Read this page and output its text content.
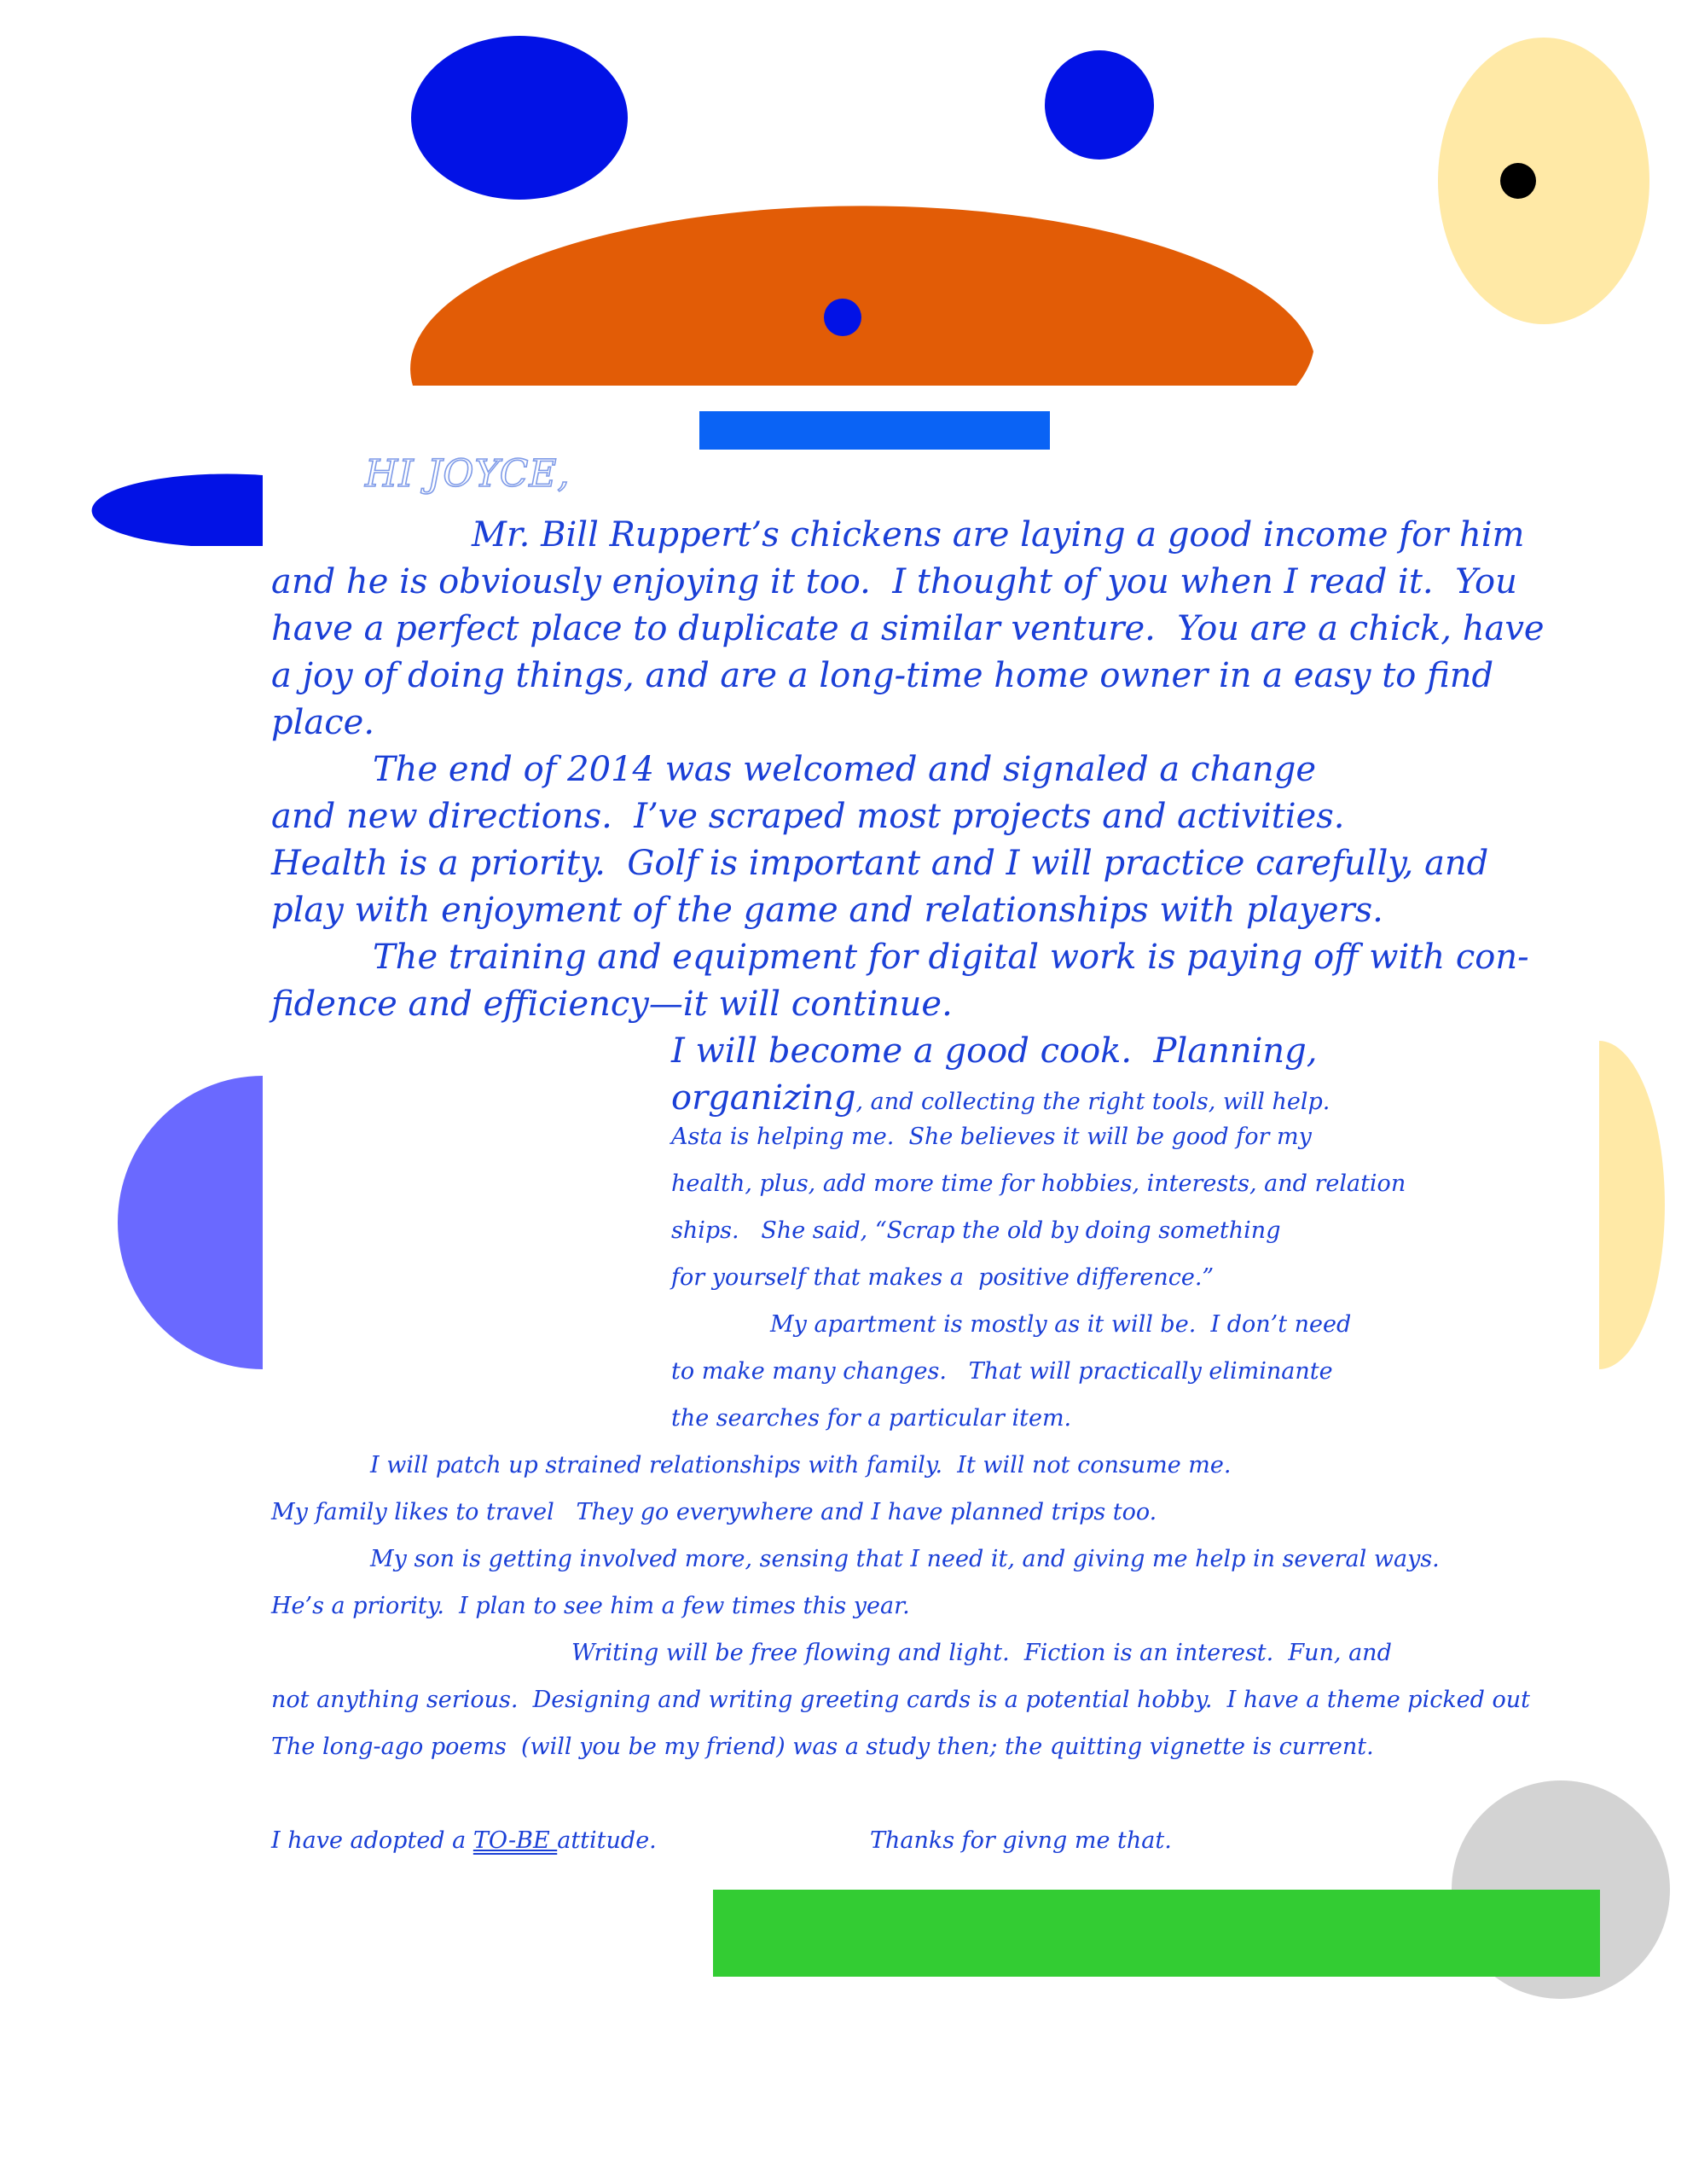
HI JOYCE,
Mr. Bill Ruppert’s chickens are laying a good income for him
and he is obviously enjoying it too.  I thought of you when I read it.  You
have a perfect place to duplicate a similar venture.  You are a chick, have
a joy of doing things, and are a long-time home owner in a easy to find
place.
The end of 2014 was welcomed and signaled a change
and new directions.  I’ve scraped most projects and activities.
Health is a priority.  Golf is important and I will practice carefully, and
play with enjoyment of the game and relationships with players.
The training and equipment for digital work is paying off with con-
fidence and efficiency—it will continue.
I will become a good cook.  Planning,
organizing, and collecting the right tools, will help.
Asta is helping me.  She believes it will be good for my
health, plus, add more time for hobbies, interests, and relation
ships.   She said, “Scrap the old by doing something
for yourself that makes a  positive difference.”
My apartment is mostly as it will be.  I don’t need
to make many changes.   That will practically eliminante
the searches for a particular item.
I will patch up strained relationships with family.  It will not consume me.
My family likes to travel   They go everywhere and I have planned trips too.
My son is getting involved more, sensing that I need it, and giving me help in several ways.
He’s a priority.  I plan to see him a few times this year.
Writing will be free flowing and light.  Fiction is an interest.  Fun, and
not anything serious.  Designing and writing greeting cards is a potential hobby.  I have a theme picked out
The long-ago poems  (will you be my friend) was a study then; the quitting vignette is current.
I have adopted a TO-BE attitude.	Thanks for givng me that.
